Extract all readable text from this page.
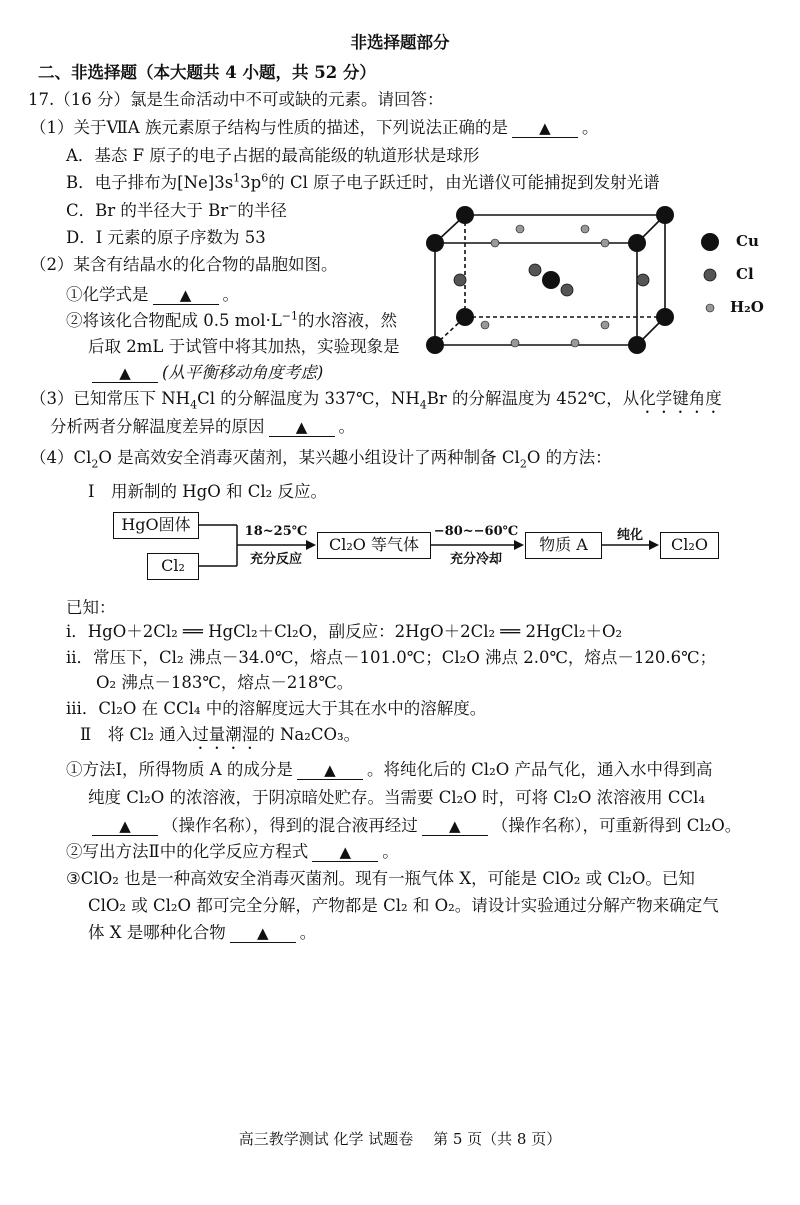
非选择题部分
二、非选择题（本大题共 4 小题，共 52 分）
17.（16 分）氯是生命活动中不可或缺的元素。请回答：
（1）关于ⅦA 族元素原子结构与性质的描述，下列说法正确的是 ▲ 。
A．基态 F 原子的电子占据的最高能级的轨道形状是球形
B．电子排布为$[Ne]3s^13p^6$的 Cl 原子电子跃迁时，由光谱仪可能捕捉到发射光谱
C．Br 的半径大于 Br−的半径
D．I 元素的原子序数为 53
（2）某含有结晶水的化合物的晶胞如图。
①化学式是 ▲ 。
②将该化合物配成 0.5 $mol\cdot L^{-1}$的水溶液，然
后取 2mL 于试管中将其加热，实验现象是
▲ (从平衡移动角度考虑)
Cu
Cl
H₂O
（3）已知常压下 $NH_4Cl$ 的分解温度为 337℃，$NH_4Br$ 的分解温度为 452℃，从化学键角度
分析两者分解温度差异的原因 ▲ 。
$(4)Cl_2O$ 是高效安全消毒灭菌剂，某兴趣小组设计了两种制备 $Cl_2O$ 的方法：
Ⅰ　用新制的 HgO 和 Cl₂ 反应。
HgO固体
Cl₂
18~25℃
充分反应
Cl₂O 等气体
−80~−60℃
充分冷却
物质 A	纯化	Cl₂O
已知：
i．HgO＋2Cl₂ ══ HgCl₂＋Cl₂O，副反应：2HgO＋2Cl₂ ══ 2HgCl₂＋O₂
ii．常压下，Cl₂ 沸点－34.0℃，熔点－101.0℃；Cl₂O 沸点 2.0℃，熔点－120.6℃；
O₂ 沸点－183℃，熔点－218℃。
iii．Cl₂O 在 CCl₄ 中的溶解度远大于其在水中的溶解度。
Ⅱ　将 Cl₂ 通入过量潮湿的 Na₂CO₃。
①方法Ⅰ，所得物质 A 的成分是 ▲ 。将纯化后的 Cl₂O 产品气化，通入水中得到高
纯度 Cl₂O 的浓溶液，于阴凉暗处贮存。当需要 Cl₂O 时，可将 Cl₂O 浓溶液用 CCl₄
▲ （操作名称），得到的混合液再经过 ▲ （操作名称），可重新得到 Cl₂O。
②写出方法Ⅱ中的化学反应方程式 ▲ 。
③ClO₂ 也是一种高效安全消毒灭菌剂。现有一瓶气体 X，可能是 ClO₂ 或 Cl₂O。已知
ClO₂ 或 Cl₂O 都可完全分解，产物都是 Cl₂ 和 O₂。请设计实验通过分解产物来确定气
体 X 是哪种化合物 ▲ 。
高三教学测试 化学 试题卷　 第 5 页（共 8 页）
